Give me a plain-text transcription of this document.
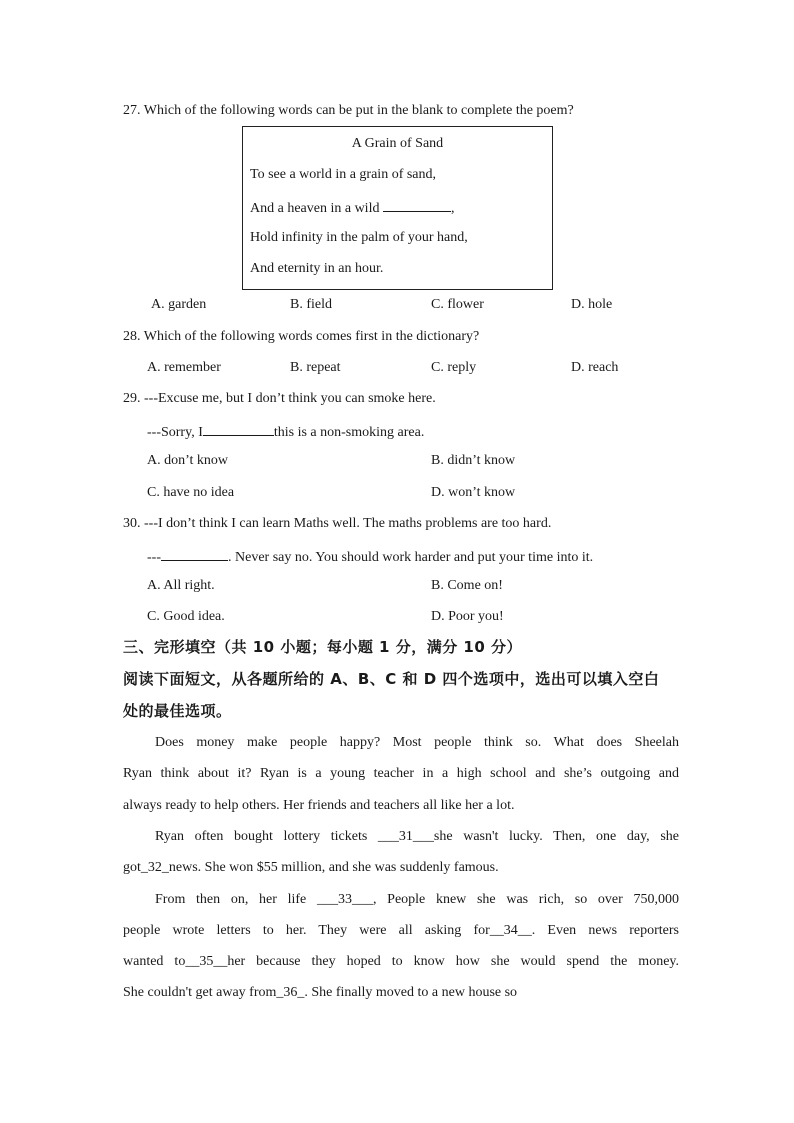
27. Which of the following words can be put in the blank to complete the poem?
A Grain of Sand
To see a world in a grain of sand,
And a heaven in a wild	,
Hold infinity in the palm of your hand,
And eternity in an hour.
A. garden	B. field	C. flower	D. hole
28. Which of the following words comes first in the dictionary?
A. remember	B. repeat	C. reply	D. reach
29. ---Excuse me, but I don’t think you can smoke here.
---Sorry, I	this is a non-smoking area.
A. don’t know	B. didn’t know
C. have no idea	D. won’t know
30. ---I don’t think I can learn Maths well. The maths problems are too hard.
---	. Never say no. You should work harder and put your time into it.
A. All right.	B. Come on!
C. Good idea.	D. Poor you!
三、完形填空（共 10 小题；每小题 1 分，满分 10 分）
阅读下面短文，从各题所给的 A、B、C 和 D 四个选项中，选出可以填入空白
处的最佳选项。
Does money make people happy? Most people think so. What does Sheelah
Ryan think about it? Ryan is a young teacher in a high school and she’s outgoing and
always ready to help others. Her friends and teachers all like her a lot.
Ryan often bought lottery tickets ___31___she wasn't lucky. Then, one day, she
got_32_news. She won $55 million, and she was suddenly famous.
From then on, her life ___33___, People knew she was rich, so over 750,000
people wrote letters to her. They were all asking for__34__. Even news reporters
wanted to__35__her because they hoped to know how she would spend the money.
She couldn't get away from_36_. She finally moved to a new house so
